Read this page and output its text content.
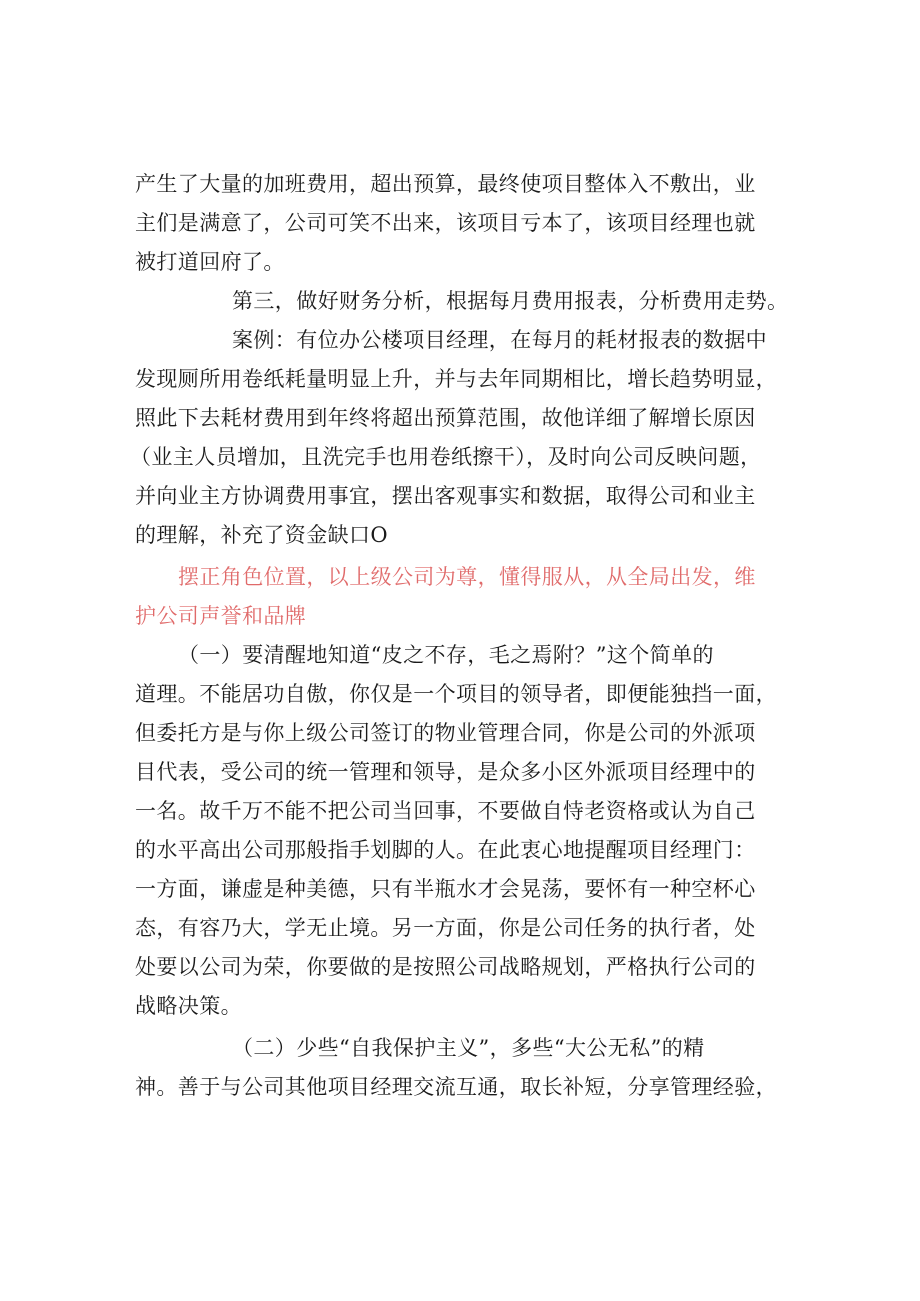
产生了大量的加班费用，超出预算，最终使项目整体入不敷出，业
主们是满意了，公司可笑不出来，该项目亏本了，该项目经理也就
被打道回府了。
第三，做好财务分析，根据每月费用报表，分析费用走势。
案例：有位办公楼项目经理，在每月的耗材报表的数据中
发现厕所用卷纸耗量明显上升，并与去年同期相比，增长趋势明显，
照此下去耗材费用到年终将超出预算范围，故他详细了解增长原因
（业主人员增加，且洗完手也用卷纸擦干），及时向公司反映问题，
并向业主方协调费用事宜，摆出客观事实和数据，取得公司和业主
的理解，补充了资金缺口O
摆正角色位置，以上级公司为尊，懂得服从，从全局出发，维
护公司声誉和品牌
（一）要清醒地知道“皮之不存，毛之焉附？”这个简单的
道理。不能居功自傲，你仅是一个项目的领导者，即便能独挡一面，
但委托方是与你上级公司签订的物业管理合同，你是公司的外派项
目代表，受公司的统一管理和领导，是众多小区外派项目经理中的
一名。故千万不能不把公司当回事，不要做自恃老资格或认为自己
的水平高出公司那般指手划脚的人。在此衷心地提醒项目经理门：
一方面，谦虚是种美德，只有半瓶水才会晃荡，要怀有一种空杯心
态，有容乃大，学无止境。另一方面，你是公司任务的执行者，处
处要以公司为荣，你要做的是按照公司战略规划，严格执行公司的
战略决策。
（二）少些“自我保护主义”，多些“大公无私”的精
神。善于与公司其他项目经理交流互通，取长补短，分享管理经验，
